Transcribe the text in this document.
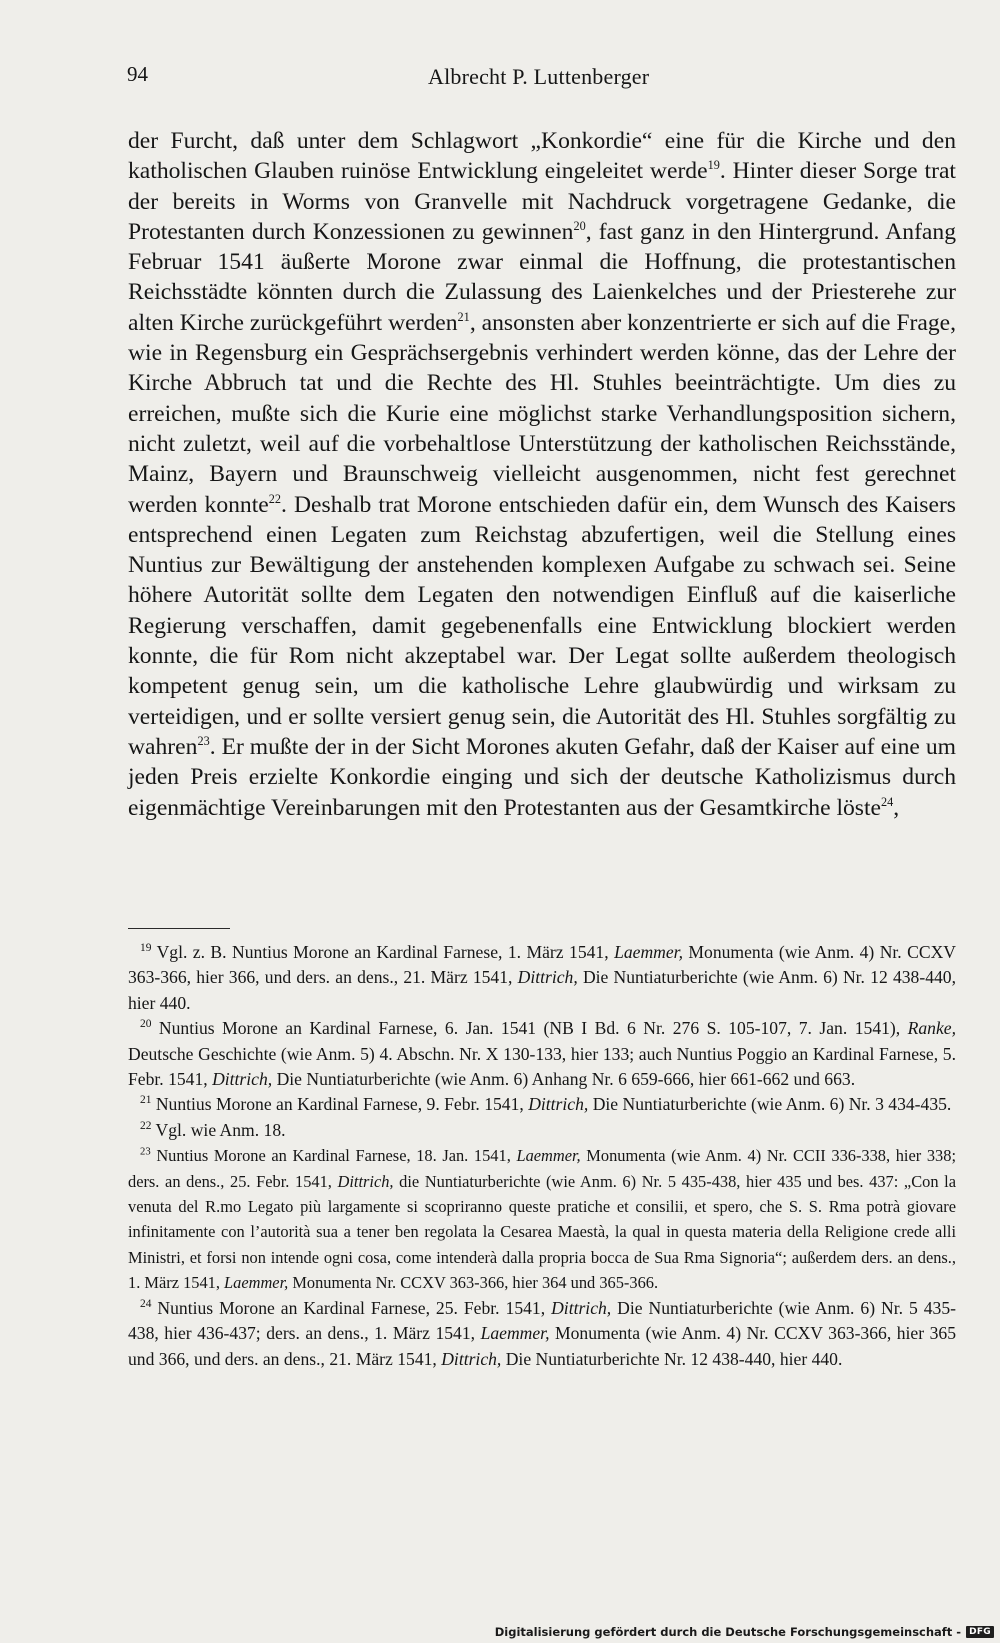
94	Albrecht P. Luttenberger

der Furcht, daß unter dem Schlagwort „Konkordie“ eine für die Kirche und den katholischen Glauben ruinöse Entwicklung eingeleitet werde$^{19}$. Hinter dieser Sorge trat der bereits in Worms von Granvelle mit Nachdruck vorgetragene Gedanke, die Protestanten durch Konzessionen zu gewinnen$^{20}$, fast ganz in den Hintergrund. Anfang Februar 1541 äußerte Morone zwar einmal die Hoffnung, die protestantischen Reichsstädte könnten durch die Zulassung des Laienkelches und der Priesterehe zur alten Kirche zurückgeführt werden$^{21}$, ansonsten aber konzentrierte er sich auf die Frage, wie in Regensburg ein Gesprächsergebnis verhindert werden könne, das der Lehre der Kirche Abbruch tat und die Rechte des Hl. Stuhles beeinträchtigte. Um dies zu erreichen, mußte sich die Kurie eine möglichst starke Verhandlungsposition sichern, nicht zuletzt, weil auf die vorbehaltlose Unterstützung der katholischen Reichsstände, Mainz, Bayern und Braunschweig vielleicht ausgenommen, nicht fest gerechnet werden konnte$^{22}$. Deshalb trat Morone entschieden dafür ein, dem Wunsch des Kaisers entsprechend einen Legaten zum Reichstag abzufertigen, weil die Stellung eines Nuntius zur Bewältigung der anstehenden komplexen Aufgabe zu schwach sei. Seine höhere Autorität sollte dem Legaten den notwendigen Einfluß auf die kaiserliche Regierung verschaffen, damit gegebenenfalls eine Entwicklung blockiert werden konnte, die für Rom nicht akzeptabel war. Der Legat sollte außerdem theologisch kompetent genug sein, um die katholische Lehre glaubwürdig und wirksam zu verteidigen, und er sollte versiert genug sein, die Autorität des Hl. Stuhles sorgfältig zu wahren$^{23}$. Er mußte der in der Sicht Morones akuten Gefahr, daß der Kaiser auf eine um jeden Preis erzielte Konkordie einging und sich der deutsche Katholizismus durch eigenmächtige Vereinbarungen mit den Protestanten aus der Gesamtkirche löste$^{24}$,

$^{19}$ Vgl. z. B. Nuntius Morone an Kardinal Farnese, 1. März 1541, Laemmer, Monumenta (wie Anm. 4) Nr. CCXV 363-366, hier 366, und ders. an dens., 21. März 1541, Dittrich, Die Nuntiaturberichte (wie Anm. 6) Nr. 12 438-440, hier 440.

$^{20}$ Nuntius Morone an Kardinal Farnese, 6. Jan. 1541 (NB I Bd. 6 Nr. 276 S. 105-107, 7. Jan. 1541), Ranke, Deutsche Geschichte (wie Anm. 5) 4. Abschn. Nr. X 130-133, hier 133; auch Nuntius Poggio an Kardinal Farnese, 5. Febr. 1541, Dittrich, Die Nuntiaturberichte (wie Anm. 6) Anhang Nr. 6 659-666, hier 661-662 und 663.

$^{21}$ Nuntius Morone an Kardinal Farnese, 9. Febr. 1541, Dittrich, Die Nuntiaturberichte (wie Anm. 6) Nr. 3 434-435.

$^{22}$ Vgl. wie Anm. 18.

$^{23}$ Nuntius Morone an Kardinal Farnese, 18. Jan. 1541, Laemmer, Monumenta (wie Anm. 4) Nr. CCII 336-338, hier 338; ders. an dens., 25. Febr. 1541, Dittrich, die Nuntiaturberichte (wie Anm. 6) Nr. 5 435-438, hier 435 und bes. 437: „Con la venuta del R.mo Legato più largamente si scopriranno queste pratiche et consilii, et spero, che S. S. Rma potrà giovare infinitamente con l’autorità sua a tener ben regolata la Cesarea Maestà, la qual in questa materia della Religione crede alli Ministri, et forsi non intende ogni cosa, come intenderà dalla propria bocca de Sua Rma Signoria“; außerdem ders. an dens., 1. März 1541, Laemmer, Monumenta Nr. CCXV 363-366, hier 364 und 365-366.

$^{24}$ Nuntius Morone an Kardinal Farnese, 25. Febr. 1541, Dittrich, Die Nuntiaturberichte (wie Anm. 6) Nr. 5 435-438, hier 436-437; ders. an dens., 1. März 1541, Laemmer, Monumenta (wie Anm. 4) Nr. CCXV 363-366, hier 365 und 366, und ders. an dens., 21. März 1541, Dittrich, Die Nuntiaturberichte Nr. 12 438-440, hier 440.

Digitalisierung gefördert durch die Deutsche Forschungsgemeinschaft - DFG
